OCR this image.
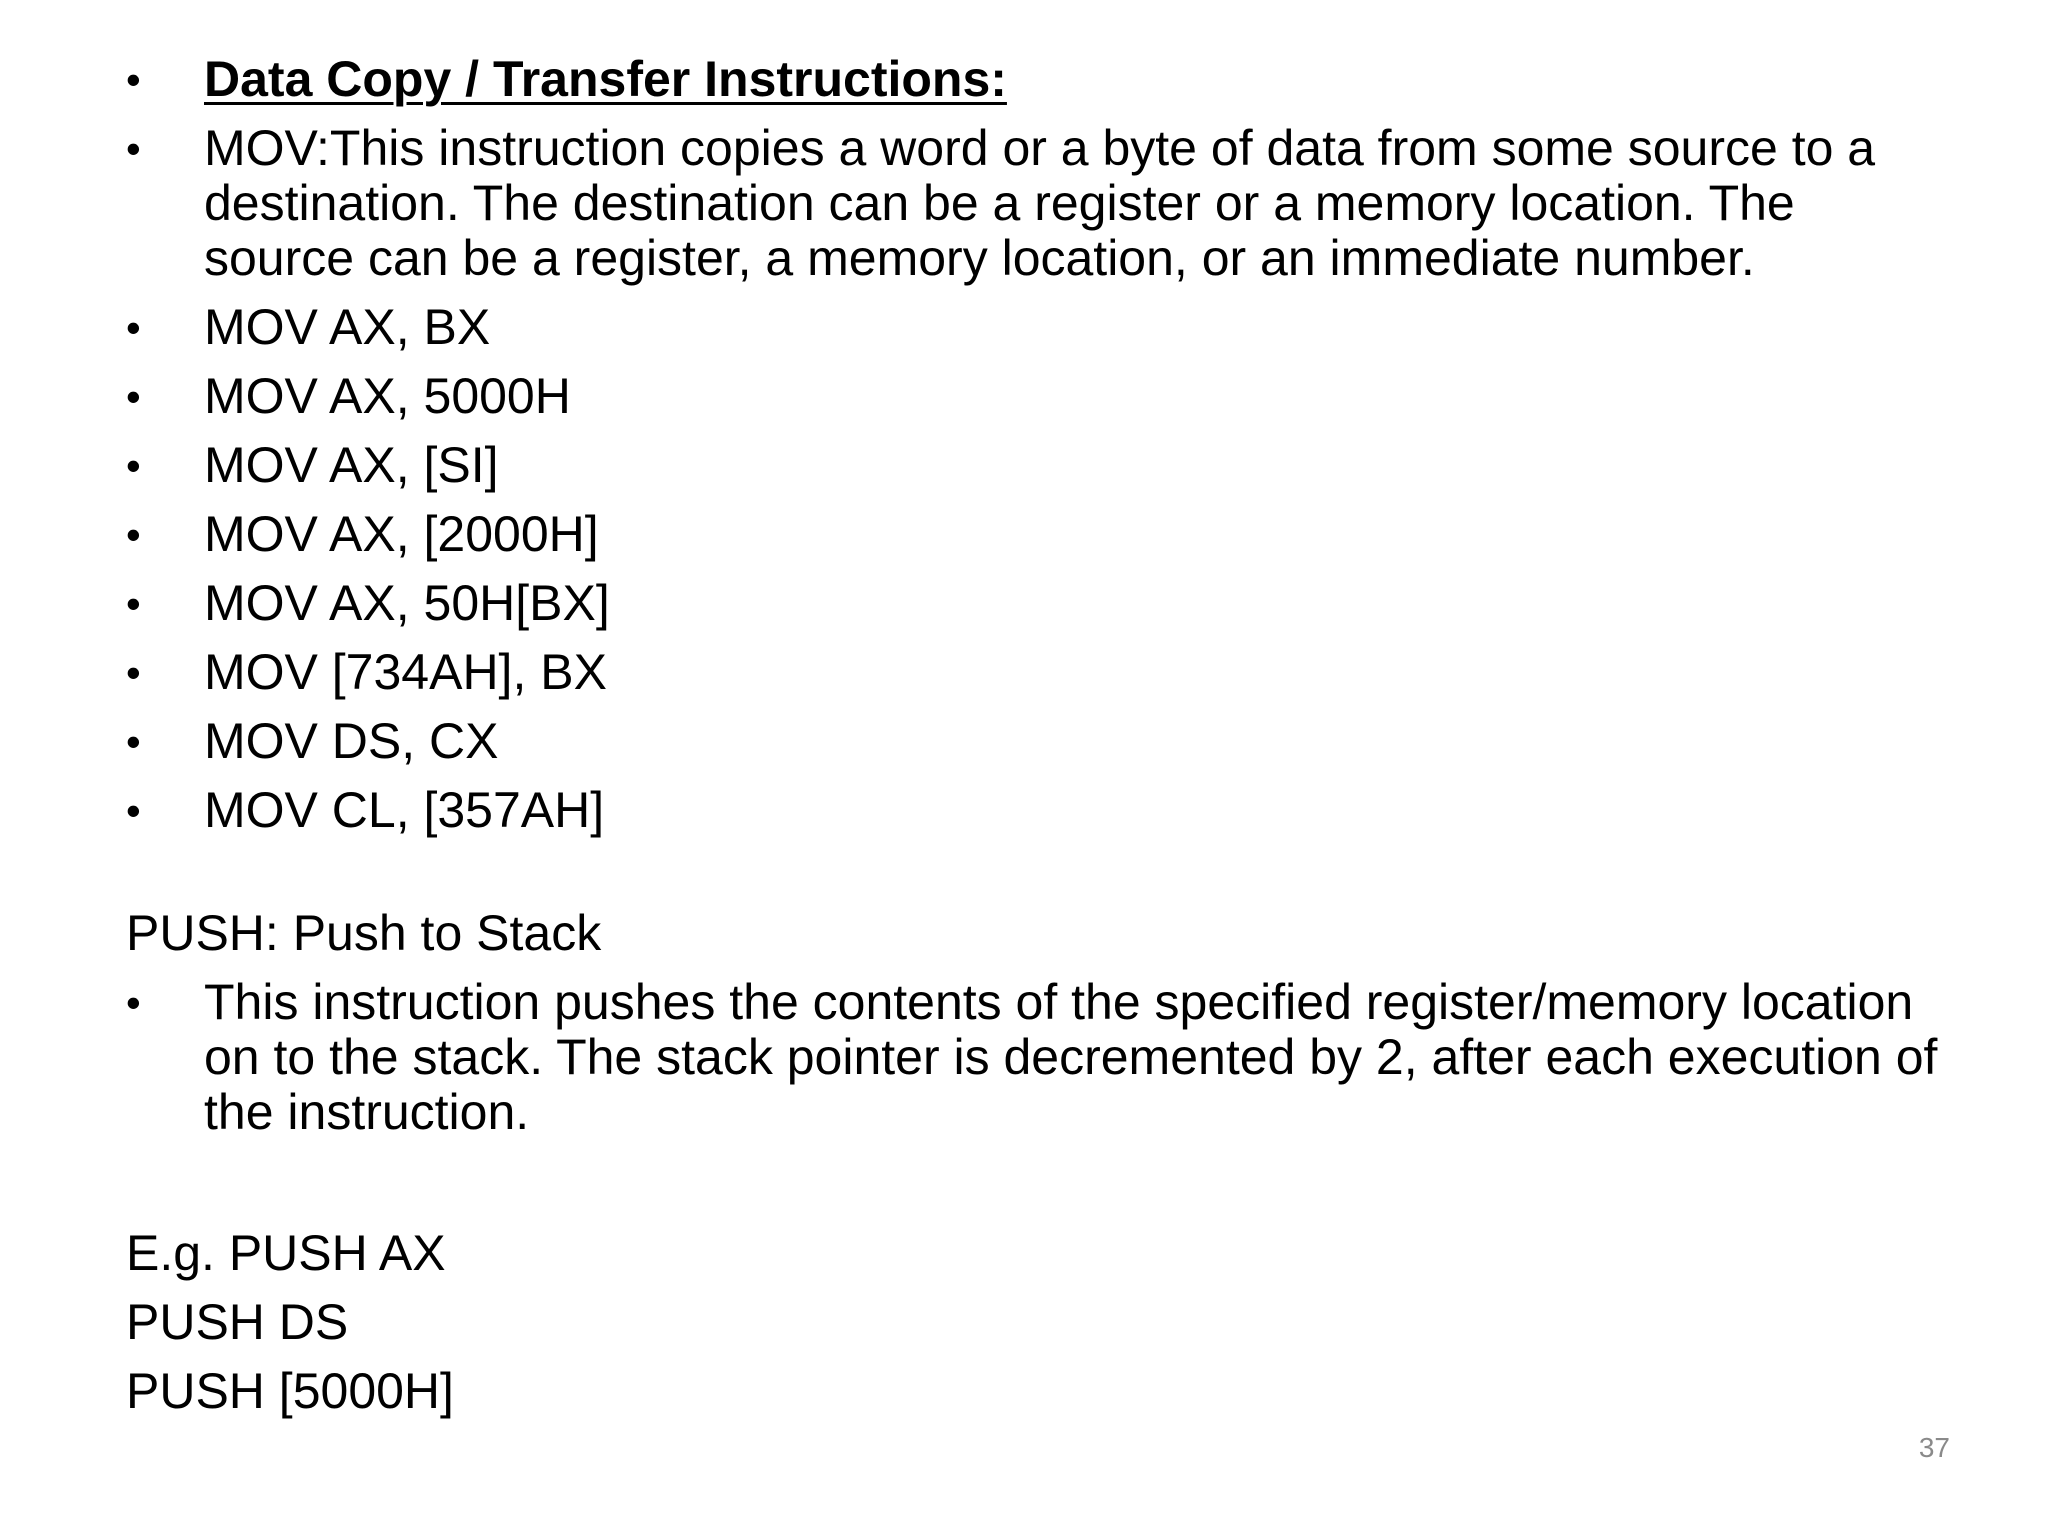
•	Data Copy / Transfer Instructions:
•	MOV:This instruction copies a word or a byte of data from some source to a destination. The destination can be a register or a memory location. The source can be a register, a memory location, or an immediate number.
•	MOV AX, BX
•	MOV AX, 5000H
•	MOV AX, [SI]
•	MOV AX, [2000H]
•	MOV AX, 50H[BX]
•	MOV [734AH], BX
•	MOV DS, CX
•	MOV CL, [357AH]
PUSH: Push to Stack
•	This instruction pushes the contents of the specified register/memory location on to the stack. The stack pointer is decremented by 2, after each execution of the instruction.
E.g. PUSH AX
PUSH DS
PUSH [5000H]
37
